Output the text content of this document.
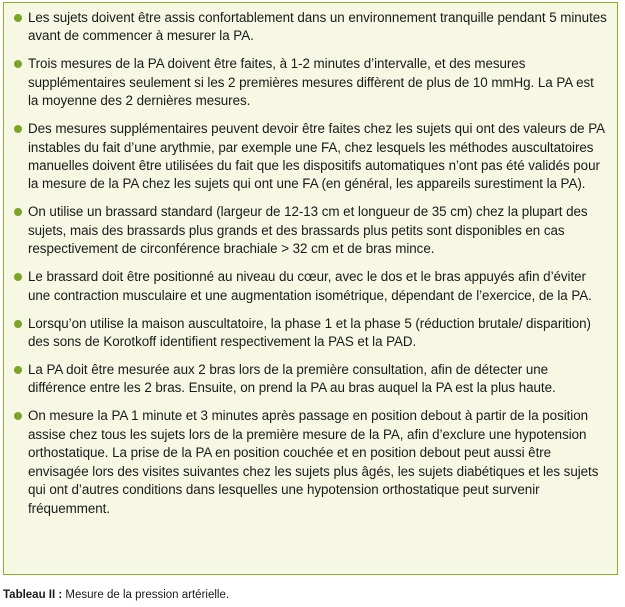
Les sujets doivent être assis confortablement dans un environnement tranquille pendant 5 minutes avant de commencer à mesurer la PA.
Trois mesures de la PA doivent être faites, à 1-2 minutes d’intervalle, et des mesures supplémentaires seulement si les 2 premières mesures diffèrent de plus de 10 mmHg. La PA est la moyenne des 2 dernières mesures.
Des mesures supplémentaires peuvent devoir être faites chez les sujets qui ont des valeurs de PA instables du fait d’une arythmie, par exemple une FA, chez lesquels les méthodes auscultatoires manuelles doivent être utilisées du fait que les dispositifs automatiques n’ont pas été validés pour la mesure de la PA chez les sujets qui ont une FA (en général, les appareils surestiment la PA).
On utilise un brassard standard (largeur de 12-13 cm et longueur de 35 cm) chez la plupart des sujets, mais des brassards plus grands et des brassards plus petits sont disponibles en cas respectivement de circonférence brachiale > 32 cm et de bras mince.
Le brassard doit être positionné au niveau du cœur, avec le dos et le bras appuyés afin d’éviter une contraction musculaire et une augmentation isométrique, dépendant de l’exercice, de la PA.
Lorsqu’on utilise la maison auscultatoire, la phase 1 et la phase 5 (réduction brutale/ disparition) des sons de Korotkoff identifient respectivement la PAS et la PAD.
La PA doit être mesurée aux 2 bras lors de la première consultation, afin de détecter une différence entre les 2 bras. Ensuite, on prend la PA au bras auquel la PA est la plus haute.
On mesure la PA 1 minute et 3 minutes après passage en position debout à partir de la position assise chez tous les sujets lors de la première mesure de la PA, afin d’exclure une hypotension orthostatique. La prise de la PA en position couchée et en position debout peut aussi être envisagée lors des visites suivantes chez les sujets plus âgés, les sujets diabétiques et les sujets qui ont d’autres conditions dans lesquelles une hypotension orthostatique peut survenir fréquemment.
Tableau II : Mesure de la pression artérielle.
